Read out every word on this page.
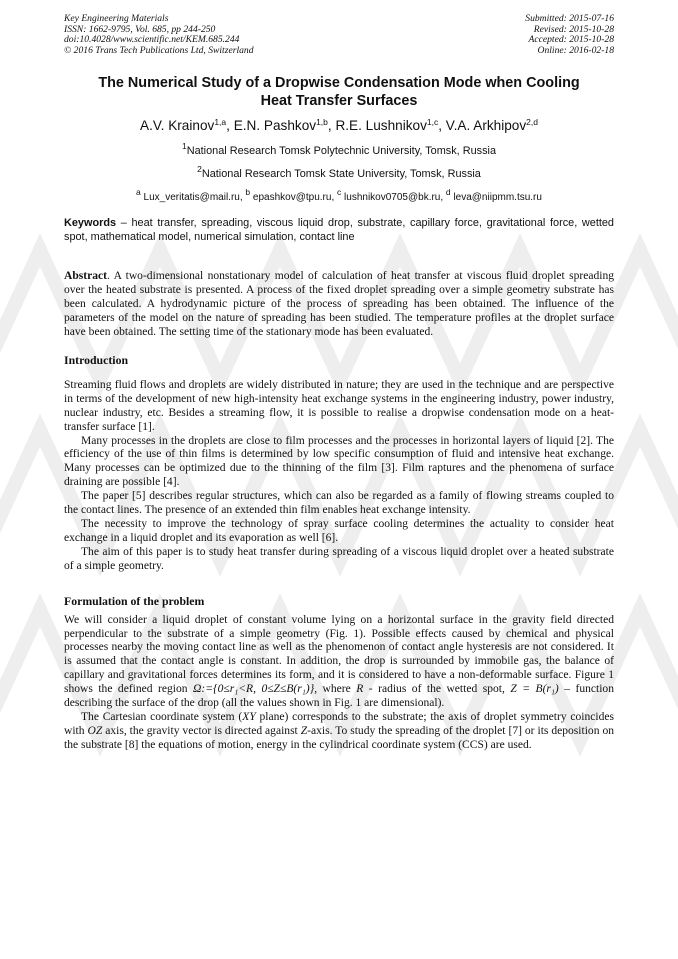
Key Engineering Materials
ISSN: 1662-9795, Vol. 685, pp 244-250
doi:10.4028/www.scientific.net/KEM.685.244
© 2016 Trans Tech Publications Ltd, Switzerland
Submitted: 2015-07-16
Revised: 2015-10-28
Accepted: 2015-10-28
Online: 2016-02-18
The Numerical Study of a Dropwise Condensation Mode when Cooling
Heat Transfer Surfaces
A.V. Krainov$^{1,a}$, E.N. Pashkov$^{1,b}$, R.E. Lushnikov$^{1,c}$, V.A. Arkhipov$^{2,d}$
$^1$National Research Tomsk Polytechnic University, Tomsk, Russia
$^2$National Research Tomsk State University, Tomsk, Russia
$^a$ Lux_veritatis@mail.ru, $^b$ epashkov@tpu.ru, $^c$ lushnikov0705@bk.ru, $^d$ leva@niipmm.tsu.ru

Keywords – heat transfer, spreading, viscous liquid drop, substrate, capillary force, gravitational force, wetted spot, mathematical model, numerical simulation, contact line

Abstract. A two-dimensional nonstationary model of calculation of heat transfer at viscous fluid droplet spreading over the heated substrate is presented. A process of the fixed droplet spreading over a simple geometry substrate has been calculated. A hydrodynamic picture of the process of spreading has been obtained. The influence of the parameters of the model on the nature of spreading has been studied. The temperature profiles at the droplet surface have been obtained. The setting time of the stationary mode has been evaluated.

Introduction

Streaming fluid flows and droplets are widely distributed in nature; they are used in the technique and are perspective in terms of the development of new high-intensity heat exchange systems in the engineering industry, power industry, nuclear industry, etc. Besides a streaming flow, it is possible to realise a dropwise condensation mode on a heat-transfer surface [1].

Many processes in the droplets are close to film processes and the processes in horizontal layers of liquid [2]. The efficiency of the use of thin films is determined by low specific consumption of fluid and intensive heat exchange. Many processes can be optimized due to the thinning of the film [3]. Film raptures and the phenomena of surface draining are possible [4].

The paper [5] describes regular structures, which can also be regarded as a family of flowing streams coupled to the contact lines. The presence of an extended thin film enables heat exchange intensity.

The necessity to improve the technology of spray surface cooling determines the actuality to consider heat exchange in a liquid droplet and its evaporation as well [6].

The aim of this paper is to study heat transfer during spreading of a viscous liquid droplet over a heated substrate of a simple geometry.

Formulation of the problem

We will consider a liquid droplet of constant volume lying on a horizontal surface in the gravity field directed perpendicular to the substrate of a simple geometry (Fig. 1). Possible effects caused by chemical and physical processes nearby the moving contact line as well as the phenomenon of contact angle hysteresis are not considered. It is assumed that the contact angle is constant. In addition, the drop is surrounded by immobile gas, the balance of capillary and gravitational forces determines its form, and it is considered to have a non-deformable surface. Figure 1 shows the defined region Ω:={0≤r₁<R, 0≤Z≤B(r₁)}, where R - radius of the wetted spot, Z = B(r₁) – function describing the surface of the drop (all the values shown in Fig. 1 are dimensional).

The Cartesian coordinate system (XY plane) corresponds to the substrate; the axis of droplet symmetry coincides with OZ axis, the gravity vector is directed against Z-axis. To study the spreading of the droplet [7] or its deposition on the substrate [8] the equations of motion, energy in the cylindrical coordinate system (CCS) are used.
